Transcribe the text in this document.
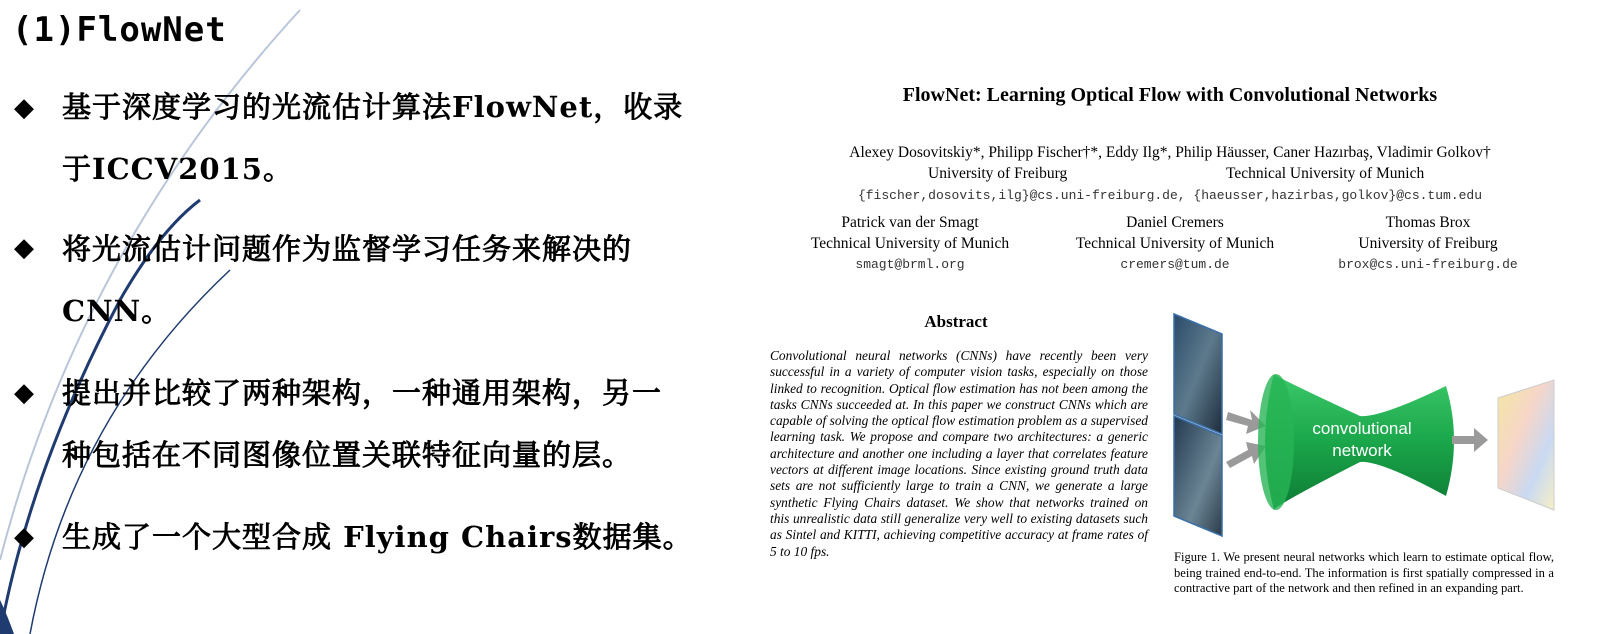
(1)FlowNet
◆ 基于深度学习的光流估计算法FlowNet，收录
于ICCV2015。
◆ 将光流估计问题作为监督学习任务来解决的
CNN。
◆ 提出并比较了两种架构，一种通用架构，另一
种包括在不同图像位置关联特征向量的层。
◆ 生成了一个大型合成 Flying Chairs数据集。
FlowNet: Learning Optical Flow with Convolutional Networks
Alexey Dosovitskiy*, Philipp Fischer†*, Eddy Ilg*, Philip Häusser, Caner Hazırbaş, Vladimir Golkov†
University of Freiburg	Technical University of Munich
{fischer,dosovits,ilg}@cs.uni-freiburg.de, {haeusser,hazirbas,golkov}@cs.tum.edu
Patrick van der Smagt
Technical University of Munich
smagt@brml.org
Daniel Cremers
Technical University of Munich
cremers@tum.de
Thomas Brox
University of Freiburg
brox@cs.uni-freiburg.de
Abstract
Convolutional neural networks (CNNs) have recently been very successful in a variety of computer vision tasks, especially on those linked to recognition. Optical flow estimation has not been among the tasks CNNs succeeded at. In this paper we construct CNNs which are capable of solving the optical flow estimation problem as a supervised learning task. We propose and compare two architectures: a generic architecture and another one including a layer that correlates feature vectors at different image locations. Since existing ground truth data sets are not sufficiently large to train a CNN, we generate a large synthetic Flying Chairs dataset. We show that networks trained on this unrealistic data still generalize very well to existing datasets such as Sintel and KITTI, achieving competitive accuracy at frame rates of 5 to 10 fps.
convolutional
network
Figure 1. We present neural networks which learn to estimate optical flow, being trained end-to-end. The information is first spatially compressed in a contractive part of the network and then refined in an expanding part.
